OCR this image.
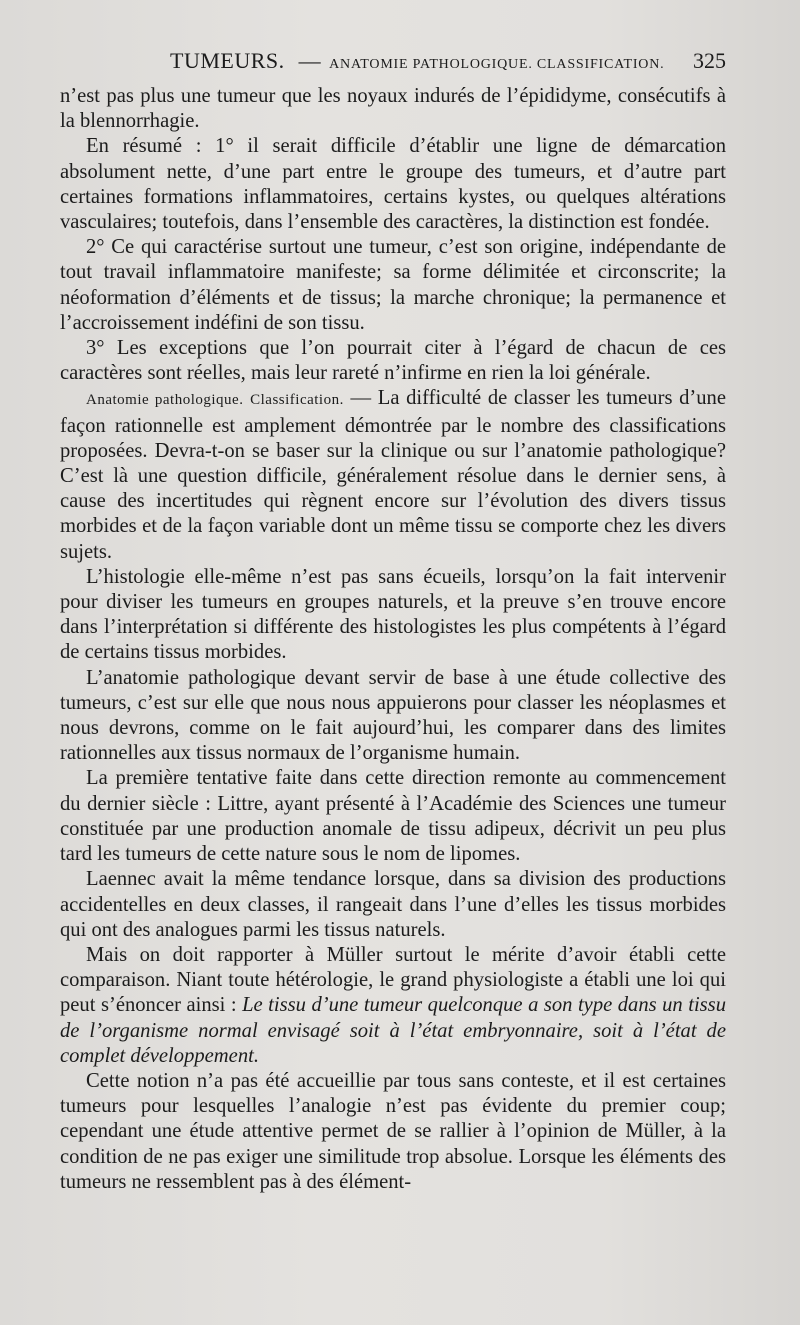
TUMEURS. — ANATOMIE PATHOLOGIQUE. CLASSIFICATION. 325

n’est pas plus une tumeur que les noyaux indurés de l’épididyme, consécutifs à la blennorrhagie.

En résumé : 1° il serait difficile d’établir une ligne de démarcation absolument nette, d’une part entre le groupe des tumeurs, et d’autre part certaines formations inflammatoires, certains kystes, ou quelques altérations vasculaires; toutefois, dans l’ensemble des caractères, la distinction est fondée.

2° Ce qui caractérise surtout une tumeur, c’est son origine, indépendante de tout travail inflammatoire manifeste; sa forme délimitée et circonscrite; la néoformation d’éléments et de tissus; la marche chronique; la permanence et l’accroissement indéfini de son tissu.

3° Les exceptions que l’on pourrait citer à l’égard de chacun de ces caractères sont réelles, mais leur rareté n’infirme en rien la loi générale.

Anatomie pathologique. Classification. — La difficulté de classer les tumeurs d’une façon rationnelle est amplement démontrée par le nombre des classifications proposées. Devra-t-on se baser sur la clinique ou sur l’anatomie pathologique? C’est là une question difficile, généralement résolue dans le dernier sens, à cause des incertitudes qui règnent encore sur l’évolution des divers tissus morbides et de la façon variable dont un même tissu se comporte chez les divers sujets.

L’histologie elle-même n’est pas sans écueils, lorsqu’on la fait intervenir pour diviser les tumeurs en groupes naturels, et la preuve s’en trouve encore dans l’interprétation si différente des histologistes les plus compétents à l’égard de certains tissus morbides.

L’anatomie pathologique devant servir de base à une étude collective des tumeurs, c’est sur elle que nous nous appuierons pour classer les néoplasmes et nous devrons, comme on le fait aujourd’hui, les comparer dans des limites rationnelles aux tissus normaux de l’organisme humain.

La première tentative faite dans cette direction remonte au commencement du dernier siècle : Littre, ayant présenté à l’Académie des Sciences une tumeur constituée par une production anomale de tissu adipeux, décrivit un peu plus tard les tumeurs de cette nature sous le nom de lipomes.

Laennec avait la même tendance lorsque, dans sa division des productions accidentelles en deux classes, il rangeait dans l’une d’elles les tissus morbides qui ont des analogues parmi les tissus naturels.

Mais on doit rapporter à Müller surtout le mérite d’avoir établi cette comparaison. Niant toute hétérologie, le grand physiologiste a établi une loi qui peut s’énoncer ainsi : Le tissu d’une tumeur quelconque a son type dans un tissu de l’organisme normal envisagé soit à l’état embryonnaire, soit à l’état de complet développement.

Cette notion n’a pas été accueillie par tous sans conteste, et il est certaines tumeurs pour lesquelles l’analogie n’est pas évidente du premier coup; cependant une étude attentive permet de se rallier à l’opinion de Müller, à la condition de ne pas exiger une similitude trop absolue. Lorsque les éléments des tumeurs ne ressemblent pas à des élément-
